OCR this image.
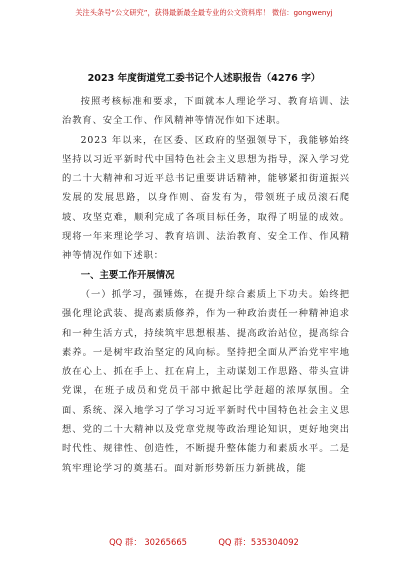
关注头条号“公文研究”，获得最新最全最专业的公文资料库！ 微信：gongwenyj
2023 年度街道党工委书记个人述职报告（4276 字）

按照考核标准和要求，下面就本人理论学习、教育培训、法治教育、安全工作、作风精神等情况作如下述职。

2023 年以来，在区委、区政府的坚强领导下，我能够始终坚持以习近平新时代中国特色社会主义思想为指导，深入学习党的二十大精神和习近平总书记重要讲话精神，能够紧扣街道振兴发展的发展思路，以身作则、奋发有为，带领班子成员滚石爬坡、攻坚克难，顺利完成了各项目标任务，取得了明显的成效。现将一年来理论学习、教育培训、法治教育、安全工作、作风精神等情况作如下述职：

一、主要工作开展情况

（一）抓学习，强锤炼，在提升综合素质上下功夫。始终把强化理论武装、提高素质修养，作为一种政治责任一种精神追求和一种生活方式，持续筑牢思想根基、提高政治站位，提高综合素养。一是树牢政治坚定的风向标。坚持把全面从严治党牢牢地放在心上、抓在手上、扛在肩上，主动谋划工作思路、带头宣讲党课，在班子成员和党员干部中掀起比学赶超的浓厚氛围。全面、系统、深入地学习了学习习近平新时代中国特色社会主义思想、党的二十大精神以及党章党规等政治理论知识，更好地突出时代性、规律性、创造性，不断提升整体能力和素质水平。二是筑牢理论学习的奠基石。面对新形势新压力新挑战，能

QQ 群： 30265665	QQ 群：535304092
